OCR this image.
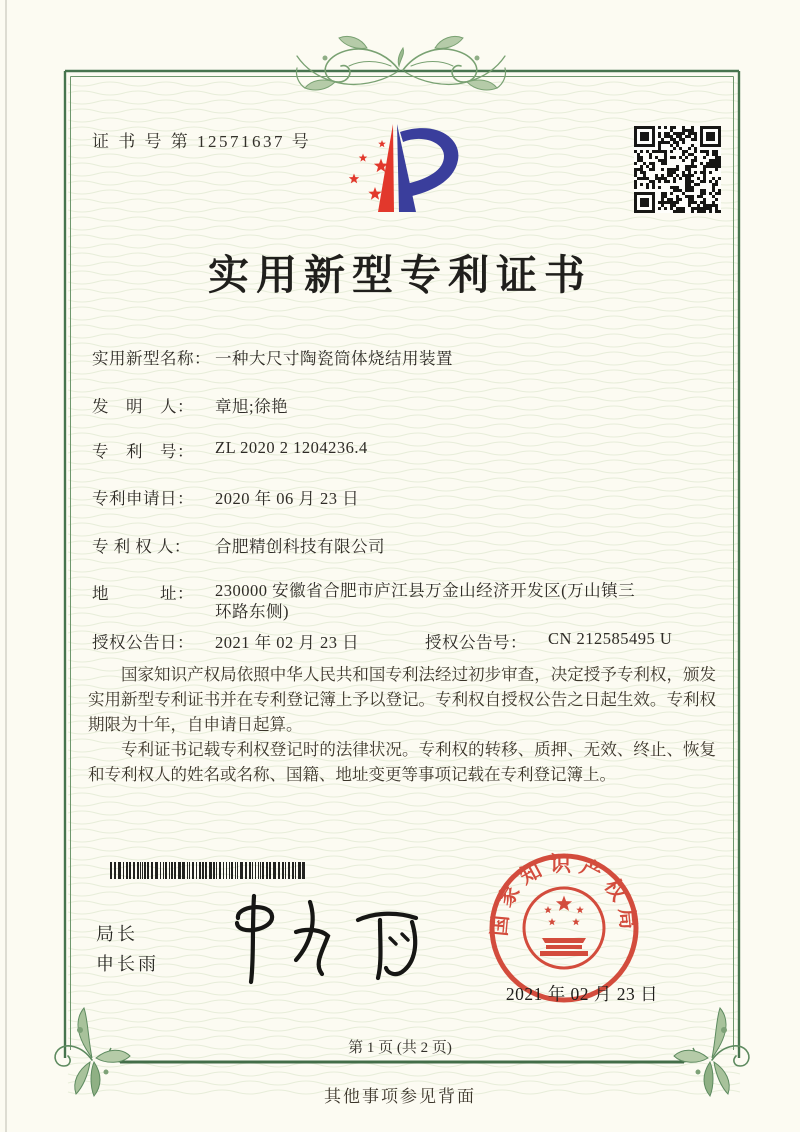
证 书 号 第 12571637 号
实用新型专利证书
实用新型名称： 一种大尺寸陶瓷筒体烧结用装置
发　明　人：	章旭;徐艳
专　利　号：	ZL 2020 2 1204236.4
专利申请日：	2020 年 06 月 23 日
专 利 权 人：	合肥精创科技有限公司
地　　　址：	230000 安徽省合肥市庐江县万金山经济开发区(万山镇三环路东侧)
授权公告日：	2021 年 02 月 23 日	授权公告号：	CN 212585495 U

国家知识产权局依照中华人民共和国专利法经过初步审查，决定授予专利权，颁发实用新型专利证书并在专利登记簿上予以登记。专利权自授权公告之日起生效。专利权期限为十年，自申请日起算。

专利证书记载专利权登记时的法律状况。专利权的转移、质押、无效、终止、恢复和专利权人的姓名或名称、国籍、地址变更等事项记载在专利登记簿上。

局长
申长雨
国家知识产权局
2021 年 02 月 23 日
第 1 页 (共 2 页)
其他事项参见背面
